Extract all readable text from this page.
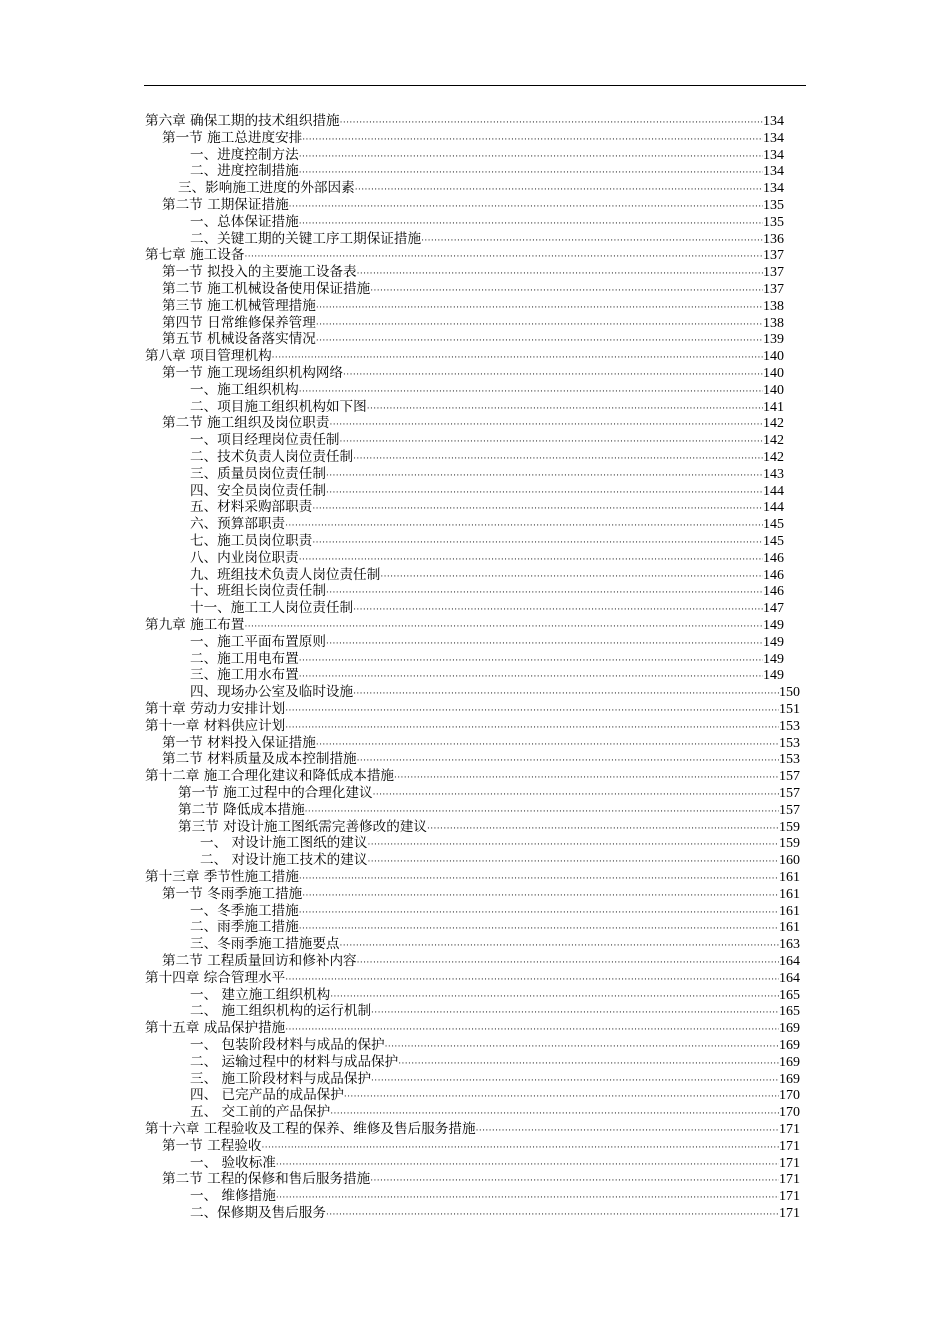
第六章 确保工期的技术组织措施 ·····	134
第一节 施工总进度安排 ·····	134
一、进度控制方法 ·····	134
二、进度控制措施 ·····	134
三、影响施工进度的外部因素 ·····	134
第二节 工期保证措施 ·····	135
一、总体保证措施 ·····	135
二、关键工期的关键工序工期保证措施 ·····	136
第七章 施工设备 ·····	137
第一节 拟投入的主要施工设备表 ·····	137
第二节 施工机械设备使用保证措施 ·····	137
第三节 施工机械管理措施 ·····	138
第四节 日常维修保养管理 ·····	138
第五节 机械设备落实情况 ·····	139
第八章 项目管理机构 ·····	140
第一节 施工现场组织机构网络 ·····	140
一、施工组织机构 ·····	140
二、项目施工组织机构如下图 ·····	141
第二节 施工组织及岗位职责 ·····	142
一、项目经理岗位责任制 ·····	142
二、技术负责人岗位责任制 ·····	142
三、质量员岗位责任制 ·····	143
四、安全员岗位责任制 ·····	144
五、材料采购部职责 ·····	144
六、预算部职责 ·····	145
七、施工员岗位职责 ·····	145
八、内业岗位职责 ·····	146
九、班组技术负责人岗位责任制 ·····	146
十、班组长岗位责任制 ·····	146
十一、施工工人岗位责任制 ·····	147
第九章 施工布置 ·····	149
一、施工平面布置原则 ·····	149
二、施工用电布置 ·····	149
三、施工用水布置 ·····	149
四、现场办公室及临时设施 ·····	150
第十章 劳动力安排计划 ·····	151
第十一章 材料供应计划 ·····	153
第一节 材料投入保证措施 ·····	153
第二节 材料质量及成本控制措施 ·····	153
第十二章 施工合理化建议和降低成本措施 ·····	157
第一节 施工过程中的合理化建议 ·····	157
第二节 降低成本措施 ·····	157
第三节 对设计施工图纸需完善修改的建议 ·····	159
一、 对设计施工图纸的建议 ·····	159
二、 对设计施工技术的建议 ·····	160
第十三章 季节性施工措施 ·····	161
第一节 冬雨季施工措施 ·····	161
一、冬季施工措施 ·····	161
二、雨季施工措施 ·····	161
三、冬雨季施工措施要点 ·····	163
第二节 工程质量回访和修补内容 ·····	164
第十四章 综合管理水平 ·····	164
一、 建立施工组织机构 ·····	165
二、 施工组织机构的运行机制 ·····	165
第十五章 成品保护措施 ·····	169
一、 包装阶段材料与成品的保护 ·····	169
二、 运输过程中的材料与成品保护 ·····	169
三、 施工阶段材料与成品保护 ·····	169
四、 已完产品的成品保护 ·····	170
五、 交工前的产品保护 ·····	170
第十六章 工程验收及工程的保养、维修及售后服务措施 ·····	171
第一节 工程验收 ·····	171
一、 验收标准 ·····	171
第二节 工程的保修和售后服务措施 ·····	171
一、 维修措施 ·····	171
二、保修期及售后服务 ·····	171
